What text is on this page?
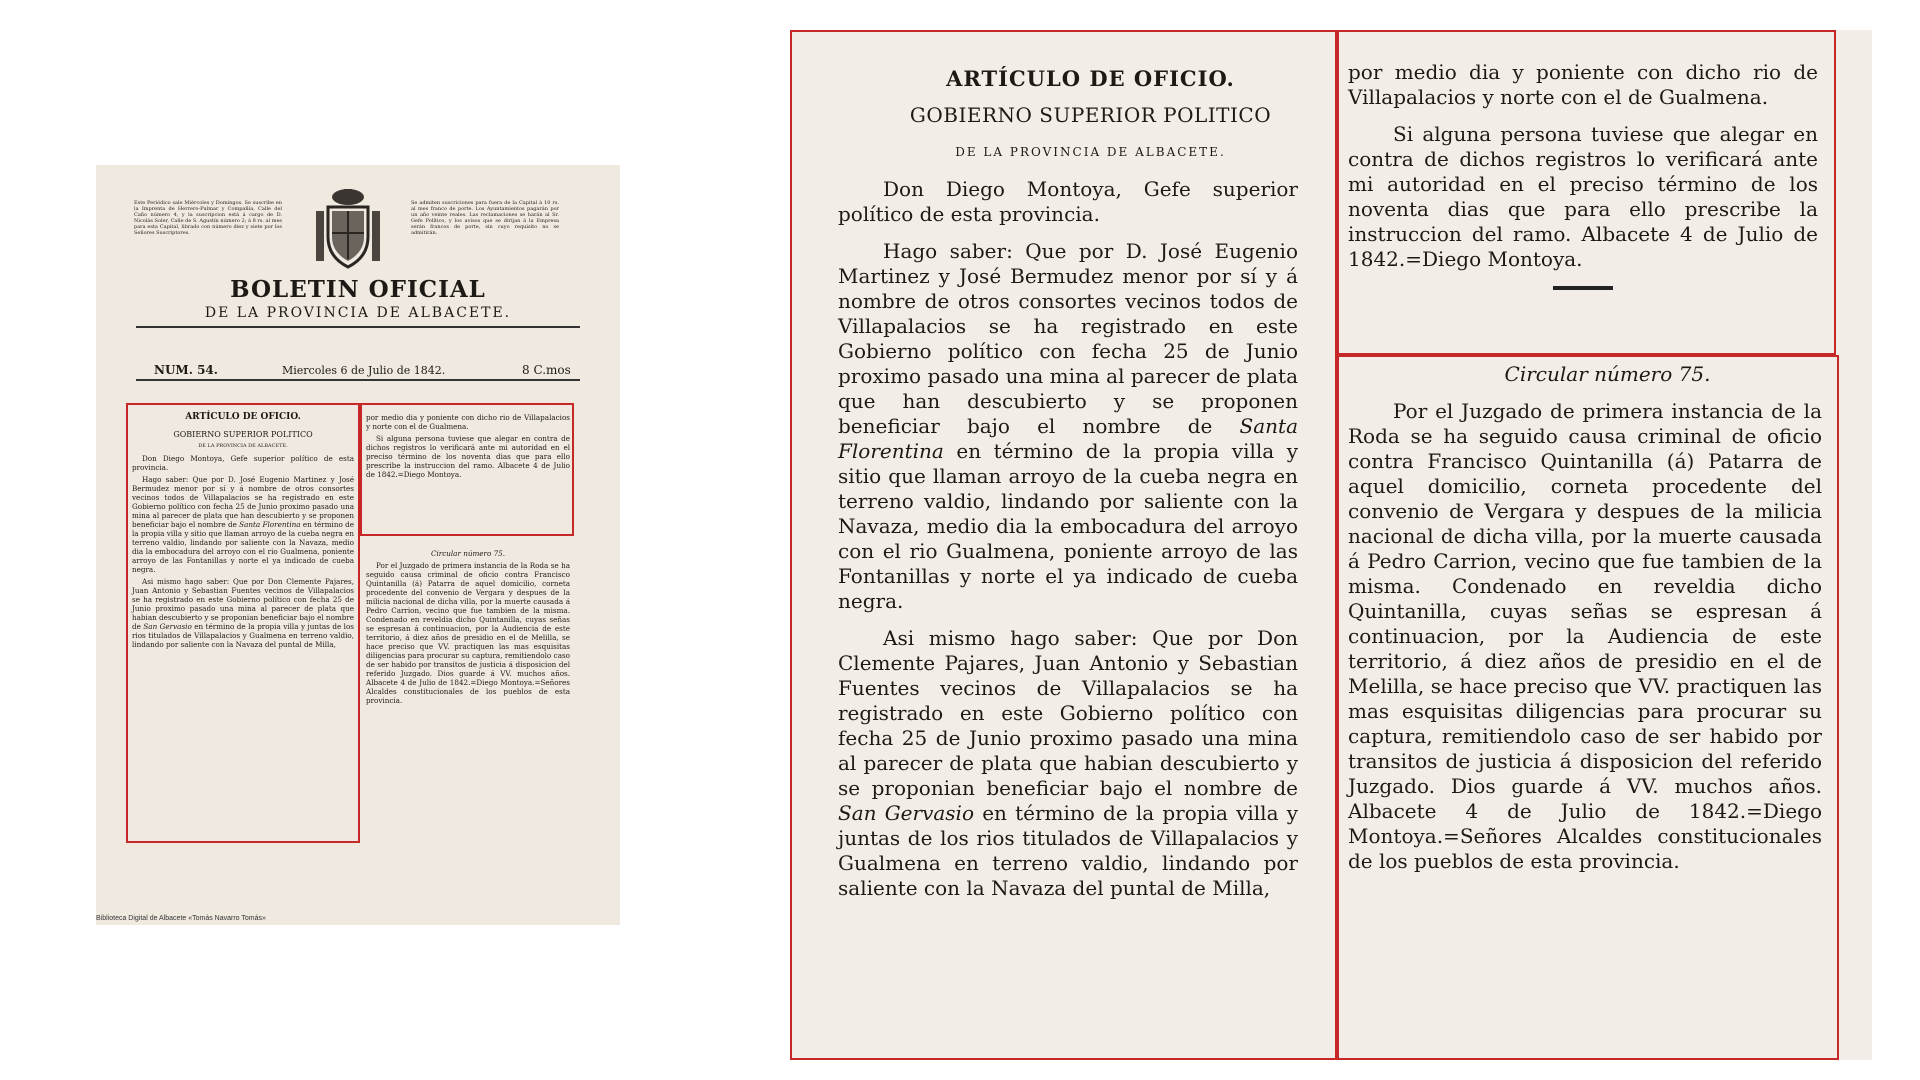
Este Periódico sale Miércoles y Domingos. Se suscribe en la Imprenta de Herrero-Pulmar y Compañía, Calle del Caño número 4, y la suscripcion está á cargo de D. Nicolás Soler, Calle de S. Agustín número 2; á 8 rs. al mes para esta Capital, librado con número diez y siete por los Señores Suscriptores.
Se admiten suscriciones para fuera de la Capital á 10 rs. al mes franco de porte. Los Ayuntamientos pagarán por un año veinte reales. Las reclamaciones se harán al Sr. Gefe Político, y los avisos que se dirijan á la Empresa serán francos de porte, sin cuyo requisito no se admitirán.
BOLETIN OFICIAL
DE LA PROVINCIA DE ALBACETE.
NUM. 54.	Miercoles 6 de Julio de 1842.	8 C.mos

ARTÍCULO DE OFICIO.

GOBIERNO SUPERIOR POLITICO

DE LA PROVINCIA DE ALBACETE.

Don Diego Montoya, Gefe superior político de esta provincia.

Hago saber: Que por D. José Eugenio Martinez y José Bermudez menor por sí y á nombre de otros consortes vecinos todos de Villapalacios se ha registrado en este Gobierno político con fecha 25 de Junio proximo pasado una mina al parecer de plata que han descubierto y se proponen beneficiar bajo el nombre de Santa Florentina en término de la propia villa y sitio que llaman arroyo de la cueba negra en terreno valdio, lindando por saliente con la Navaza, medio dia la embocadura del arroyo con el rio Gualmena, poniente arroyo de las Fontanillas y norte el ya indicado de cueba negra.

Asi mismo hago saber: Que por Don Clemente Pajares, Juan Antonio y Sebastian Fuentes vecinos de Villapalacios se ha registrado en este Gobierno político con fecha 25 de Junio proximo pasado una mina al parecer de plata que habian descubierto y se proponian beneficiar bajo el nombre de San Gervasio en término de la propia villa y juntas de los rios titulados de Villapalacios y Gualmena en terreno valdio, lindando por saliente con la Navaza del puntal de Milla,

por medio dia y poniente con dicho rio de Villapalacios y norte con el de Gualmena.

Si alguna persona tuviese que alegar en contra de dichos registros lo verificará ante mi autoridad en el preciso término de los noventa dias que para ello prescribe la instruccion del ramo. Albacete 4 de Julio de 1842.=Diego Montoya.

Circular número 75.

Por el Juzgado de primera instancia de la Roda se ha seguido causa criminal de oficio contra Francisco Quintanilla (á) Patarra de aquel domicilio, corneta procedente del convenio de Vergara y despues de la milicia nacional de dicha villa, por la muerte causada á Pedro Carrion, vecino que fue tambien de la misma. Condenado en reveldia dicho Quintanilla, cuyas señas se espresan á continuacion, por la Audiencia de este territorio, á diez años de presidio en el de Melilla, se hace preciso que VV. practiquen las mas esquisitas diligencias para procurar su captura, remitiendolo caso de ser habido por transitos de justicia á disposicion del referido Juzgado. Dios guarde á VV. muchos años. Albacete 4 de Julio de 1842.=Diego Montoya.=Señores Alcaldes constitucionales de los pueblos de esta provincia.

Biblioteca Digital de Albacete «Tomás Navarro Tomás»

ARTÍCULO DE OFICIO.

GOBIERNO SUPERIOR POLITICO

DE LA PROVINCIA DE ALBACETE.

Don Diego Montoya, Gefe superior político de esta provincia.

Hago saber: Que por D. José Eugenio Martinez y José Bermudez menor por sí y á nombre de otros consortes vecinos todos de Villapalacios se ha registrado en este Gobierno político con fecha 25 de Junio proximo pasado una mina al parecer de plata que han descubierto y se proponen beneficiar bajo el nombre de Santa Florentina en término de la propia villa y sitio que llaman arroyo de la cueba negra en terreno valdio, lindando por saliente con la Navaza, medio dia la embocadura del arroyo con el rio Gualmena, poniente arroyo de las Fontanillas y norte el ya indicado de cueba negra.

Asi mismo hago saber: Que por Don Clemente Pajares, Juan Antonio y Sebastian Fuentes vecinos de Villapalacios se ha registrado en este Gobierno político con fecha 25 de Junio proximo pasado una mina al parecer de plata que habian descubierto y se proponian beneficiar bajo el nombre de San Gervasio en término de la propia villa y juntas de los rios titulados de Villapalacios y Gualmena en terreno valdio, lindando por saliente con la Navaza del puntal de Milla,

por medio dia y poniente con dicho rio de Villapalacios y norte con el de Gualmena.

Si alguna persona tuviese que alegar en contra de dichos registros lo verificará ante mi autoridad en el preciso término de los noventa dias que para ello prescribe la instruccion del ramo. Albacete 4 de Julio de 1842.=Diego Montoya.

Circular número 75.

Por el Juzgado de primera instancia de la Roda se ha seguido causa criminal de oficio contra Francisco Quintanilla (á) Patarra de aquel domicilio, corneta procedente del convenio de Vergara y despues de la milicia nacional de dicha villa, por la muerte causada á Pedro Carrion, vecino que fue tambien de la misma. Condenado en reveldia dicho Quintanilla, cuyas señas se espresan á continuacion, por la Audiencia de este territorio, á diez años de presidio en el de Melilla, se hace preciso que VV. practiquen las mas esquisitas diligencias para procurar su captura, remitiendolo caso de ser habido por transitos de justicia á disposicion del referido Juzgado. Dios guarde á VV. muchos años. Albacete 4 de Julio de 1842.=Diego Montoya.=Señores Alcaldes constitucionales de los pueblos de esta provincia.
